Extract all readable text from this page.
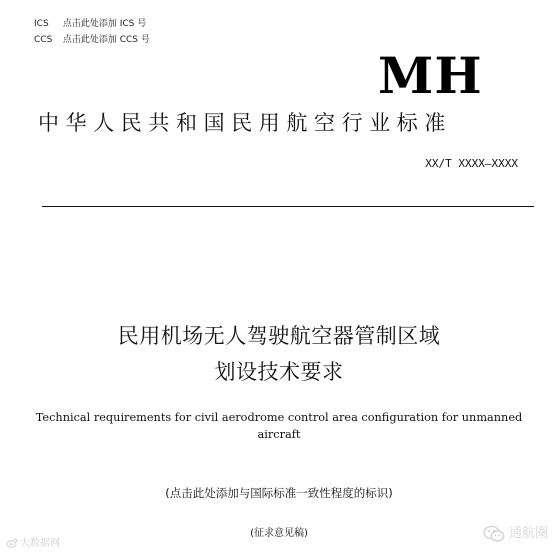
ICS 点击此处添加 ICS 号
CCS 点击此处添加 CCS 号
MH
中华人民共和国民用航空行业标准
XX/T XXXX—XXXX
民用机场无人驾驶航空器管制区域
划设技术要求
Technical requirements for civil aerodrome control area configuration for unmanned
aircraft
(点击此处添加与国际标准一致性程度的标识)
(征求意见稿)
大数据网
通航圈
